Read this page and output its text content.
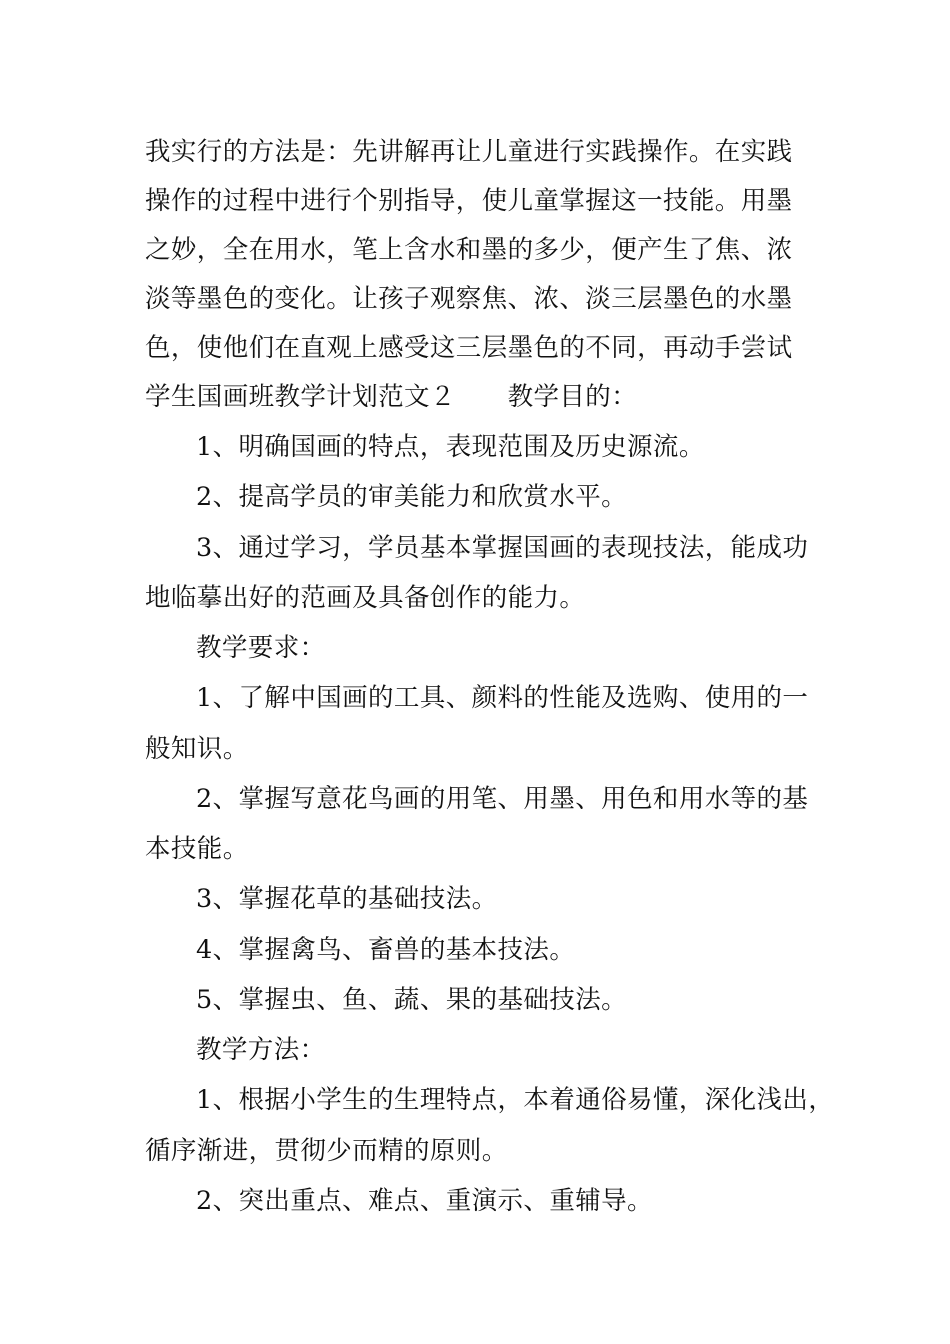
我实行的方法是：先讲解再让儿童进行实践操作。在实践
操作的过程中进行个别指导，使儿童掌握这一技能。用墨
之妙，全在用水，笔上含水和墨的多少，便产生了焦、浓
淡等墨色的变化。让孩子观察焦、浓、淡三层墨色的水墨
色，使他们在直观上感受这三层墨色的不同，再动手尝试
学生国画班教学计划范文２　　教学目的：
1、明确国画的特点，表现范围及历史源流。
2、提高学员的审美能力和欣赏水平。
3、通过学习，学员基本掌握国画的表现技法，能成功
地临摹出好的范画及具备创作的能力。
教学要求：
1、了解中国画的工具、颜料的性能及选购、使用的一
般知识。
2、掌握写意花鸟画的用笔、用墨、用色和用水等的基
本技能。
3、掌握花草的基础技法。
4、掌握禽鸟、畜兽的基本技法。
5、掌握虫、鱼、蔬、果的基础技法。
教学方法：
1、根据小学生的生理特点，本着通俗易懂，深化浅出，
循序渐进，贯彻少而精的原则。
2、突出重点、难点、重演示、重辅导。
